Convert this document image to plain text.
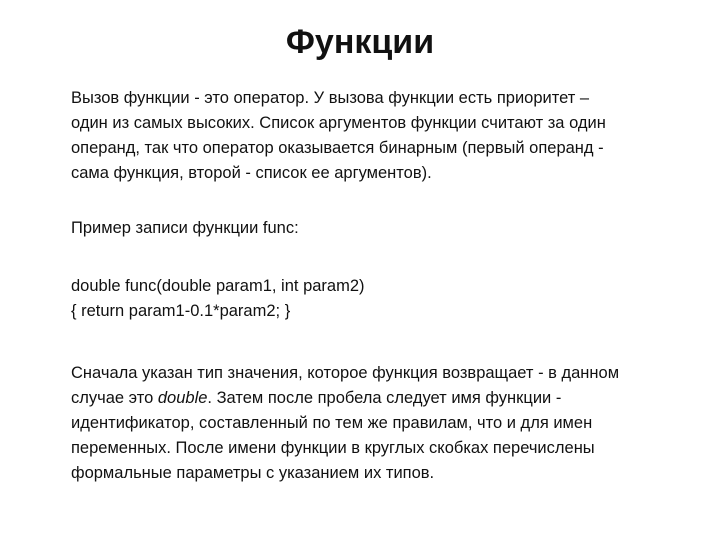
Функции
Вызов функции - это оператор. У вызова функции есть приоритет –
один из самых высоких. Список аргументов функции считают за один
операнд, так что оператор оказывается бинарным (первый операнд -
сама функция, второй - список ее аргументов).
Пример записи функции func:
double func(double param1, int param2)
{ return param1-0.1*param2; }
Сначала указан тип значения, которое функция возвращает - в данном
случае это double. Затем после пробела следует имя функции -
идентификатор, составленный по тем же правилам, что и для имен
переменных. После имени функции в круглых скобках перечислены
формальные параметры с указанием их типов.
